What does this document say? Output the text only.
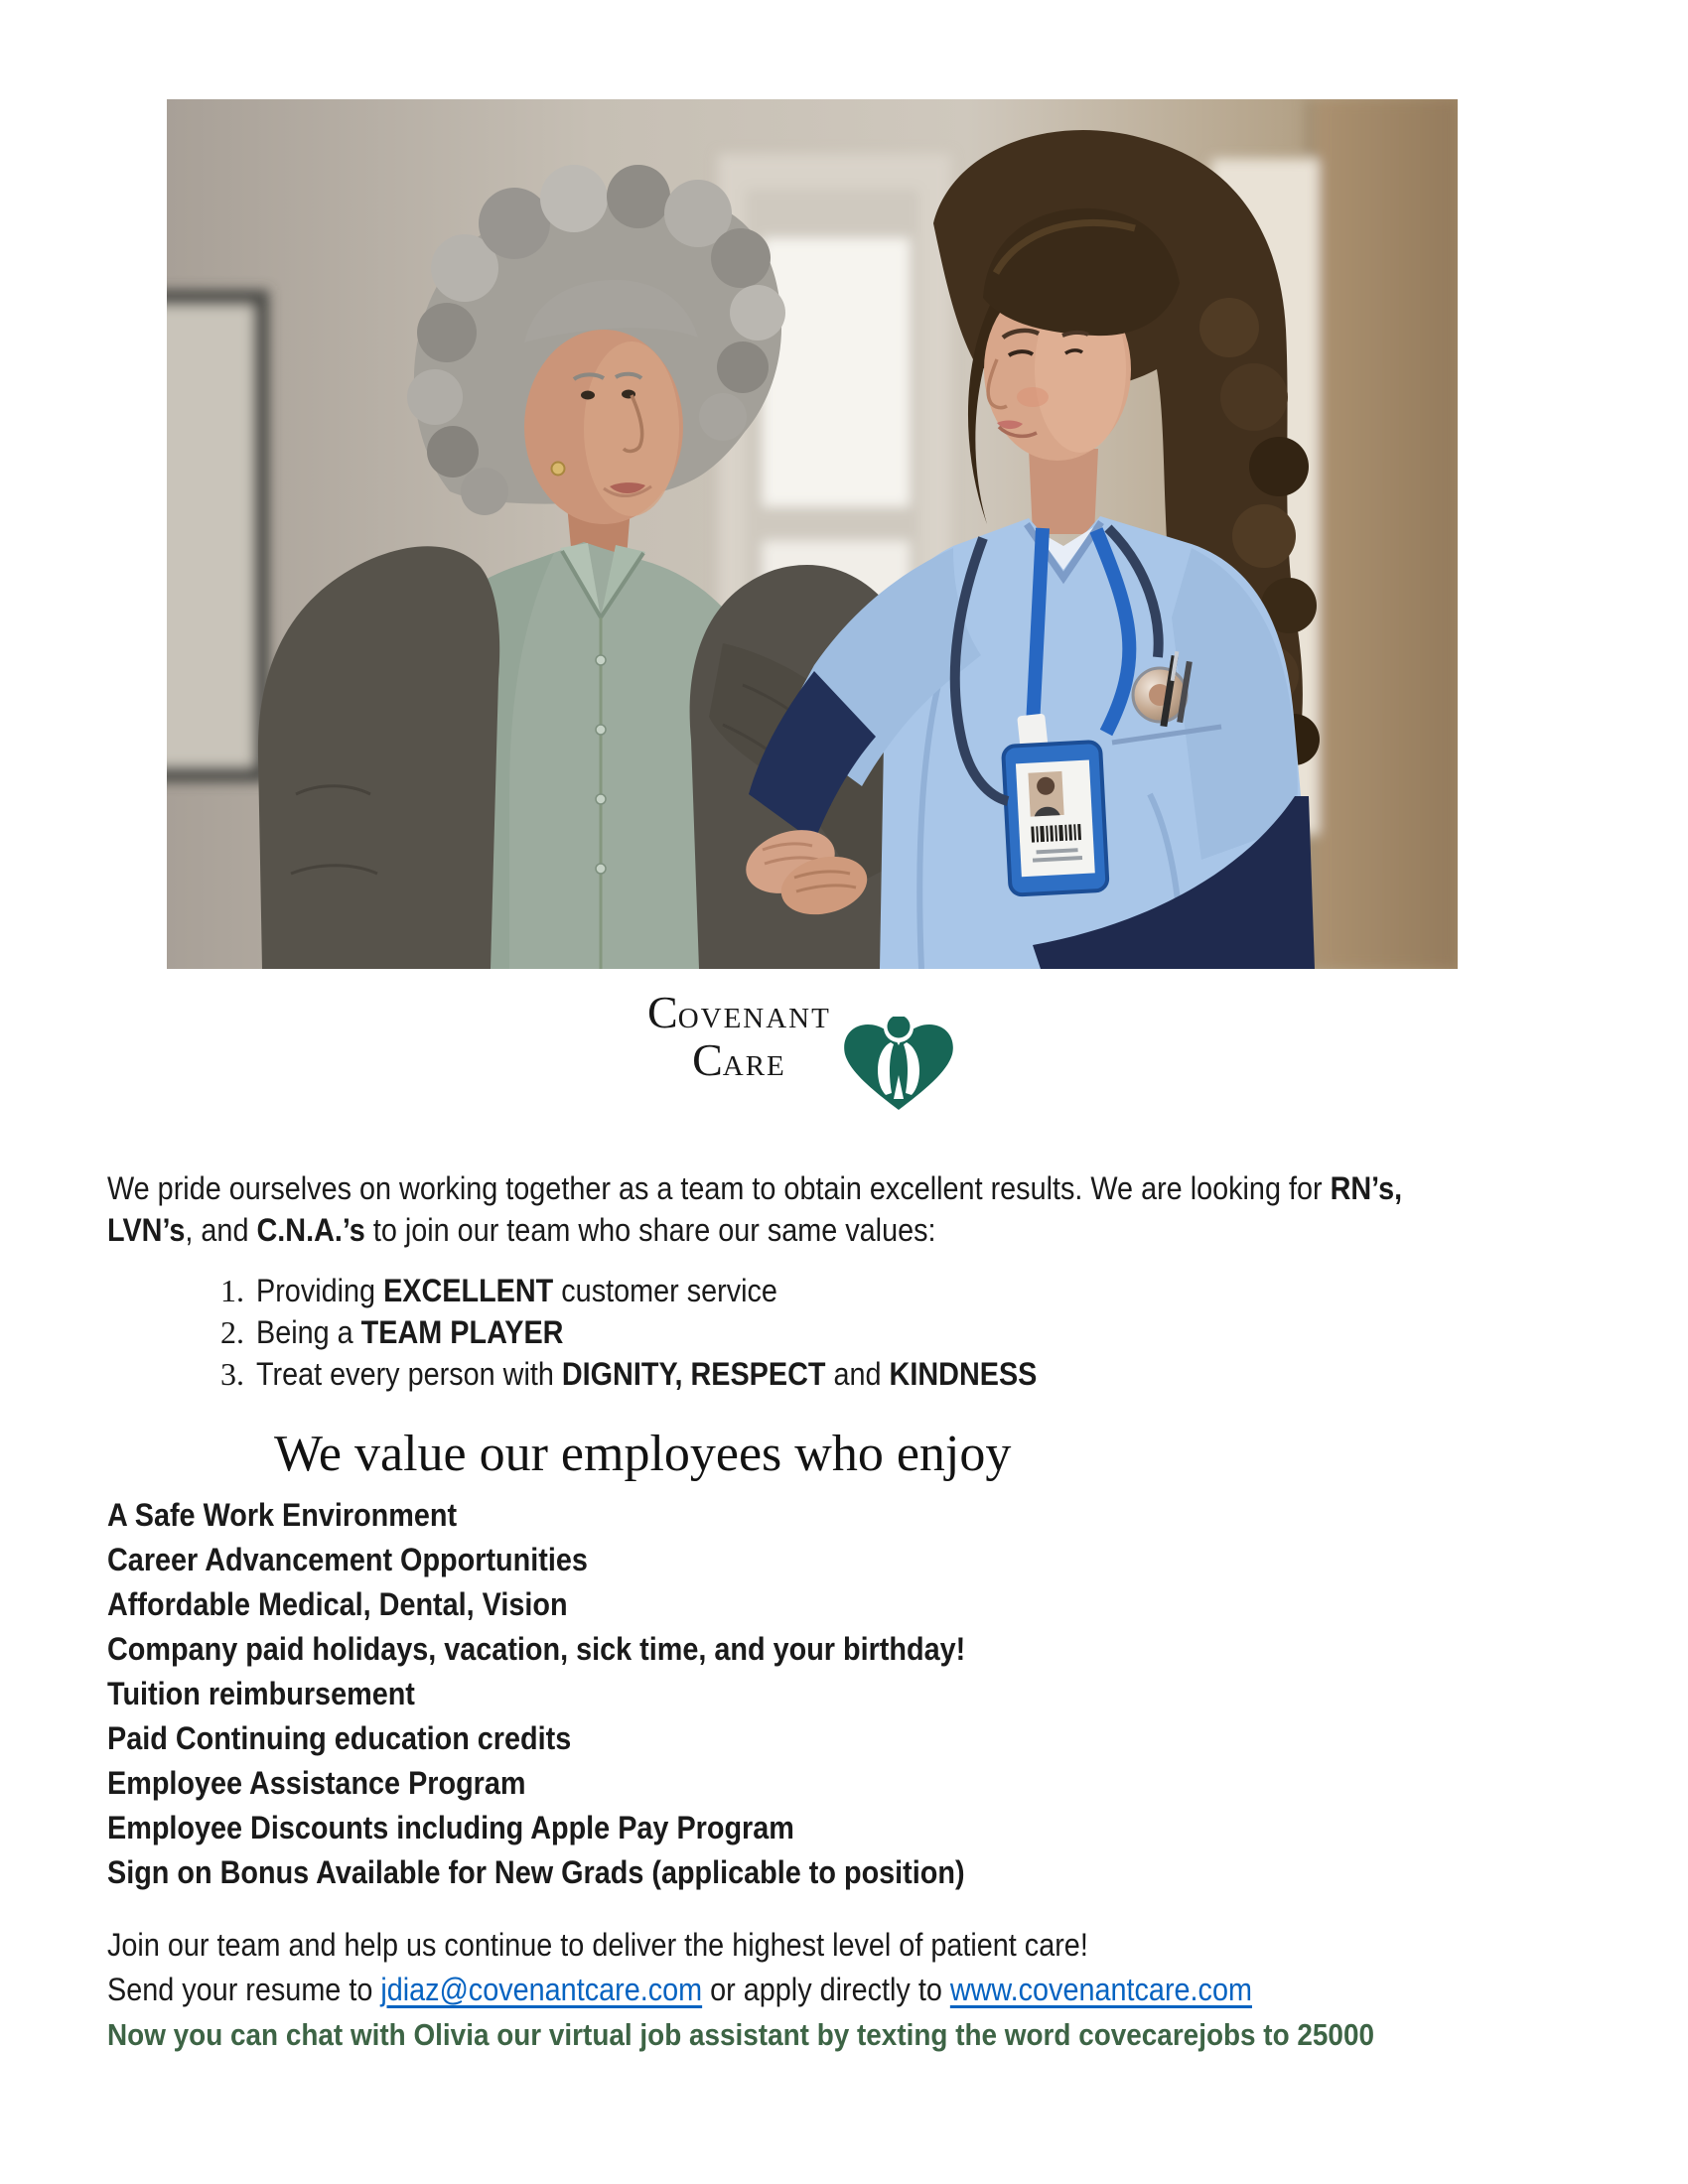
COVENANT
CARE
We pride ourselves on working together as a team to obtain excellent results. We are looking for RN’s,
LVN’s, and C.N.A.’s to join our team who share our same values:
1. Providing EXCELLENT customer service
2. Being a TEAM PLAYER
3. Treat every person with DIGNITY, RESPECT and KINDNESS
We value our employees who enjoy
A Safe Work Environment
Career Advancement Opportunities
Affordable Medical, Dental, Vision
Company paid holidays, vacation, sick time, and your birthday!
Tuition reimbursement
Paid Continuing education credits
Employee Assistance Program
Employee Discounts including Apple Pay Program
Sign on Bonus Available for New Grads (applicable to position)
Join our team and help us continue to deliver the highest level of patient care!
Send your resume to jdiaz@covenantcare.com or apply directly to www.covenantcare.com
Now you can chat with Olivia our virtual job assistant by texting the word covecarejobs to 25000
